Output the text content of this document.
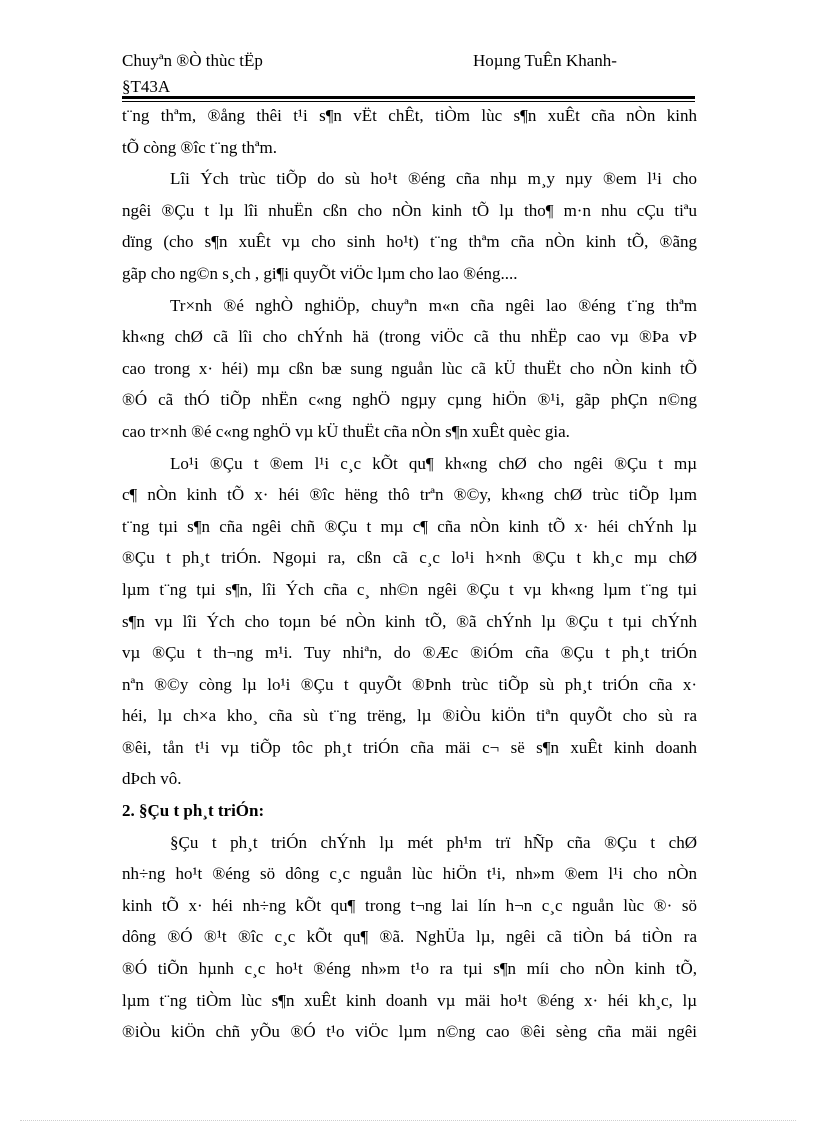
Chuyªn ®Ò thùc tËp
§T43A
Hoµng TuÊn Khanh-
t¨ng thªm, ®ång thêi t¹i s¶n vËt chÊt, tiÒm lùc s¶n xuÊt cña nÒn kinh
tÕ còng ®îc t¨ng thªm.
Lîi Ých trùc tiÕp do sù ho¹t ®éng cña nhµ m¸y nµy ®em l¹i cho
ngêi ®Çu t lµ lîi nhuËn cßn cho nÒn kinh tÕ lµ tho¶ m·n nhu cÇu tiªu
dïng (cho s¶n xuÊt vµ cho sinh ho¹t) t¨ng thªm cña nÒn kinh tÕ, ®ãng
gãp cho ng©n s¸ch , gi¶i quyÕt viÖc lµm cho lao ®éng....
Tr×nh ®é nghÒ nghiÖp, chuyªn m«n cña ngêi lao ®éng t¨ng thªm
kh«ng chØ cã lîi cho chÝnh hä (trong viÖc cã thu nhËp cao vµ ®Þa vÞ
cao trong x· héi) mµ cßn bæ sung nguån lùc cã kÜ thuËt cho nÒn kinh tÕ
®Ó cã thÓ tiÕp nhËn c«ng nghÖ ngµy cµng hiÖn ®¹i, gãp phÇn n©ng
cao tr×nh ®é c«ng nghÖ vµ kÜ thuËt cña nÒn s¶n xuÊt quèc gia.
Lo¹i ®Çu t ®em l¹i c¸c kÕt qu¶ kh«ng chØ cho ngêi ®Çu t mµ
c¶ nÒn kinh tÕ x· héi ®îc hëng thô trªn ®©y, kh«ng chØ trùc tiÕp lµm
t¨ng tµi s¶n cña ngêi chñ ®Çu t mµ c¶ cña nÒn kinh tÕ x· héi chÝnh lµ
®Çu t ph¸t triÓn. Ngoµi ra, cßn cã c¸c lo¹i h×nh ®Çu t kh¸c mµ chØ
lµm t¨ng tµi s¶n, lîi Ých cña c¸ nh©n ngêi ®Çu t vµ kh«ng lµm t¨ng tµi
s¶n vµ lîi Ých cho toµn bé nÒn kinh tÕ, ®ã chÝnh lµ ®Çu t tµi chÝnh
vµ ®Çu t th¬ng m¹i. Tuy nhiªn, do ®Æc ®iÓm cña ®Çu t ph¸t triÓn
nªn ®©y còng lµ lo¹i ®Çu t quyÕt ®Þnh trùc tiÕp sù ph¸t triÓn cña x·
héi, lµ ch×a kho¸ cña sù t¨ng trëng, lµ ®iÒu kiÖn tiªn quyÕt cho sù ra
®êi, tån t¹i vµ tiÕp tôc ph¸t triÓn cña mäi c¬ së s¶n xuÊt kinh doanh
dÞch vô.
2. §Çu t ph¸t triÓn:
§Çu t ph¸t triÓn chÝnh lµ mét ph¹m trï hÑp cña ®Çu t chØ
nh÷ng ho¹t ®éng sö dông c¸c nguån lùc hiÖn t¹i, nh»m ®em l¹i cho nÒn
kinh tÕ x· héi nh÷ng kÕt qu¶ trong t¬ng lai lín h¬n c¸c nguån lùc ®· sö
dông ®Ó ®¹t ®îc c¸c kÕt qu¶ ®ã. NghÜa lµ, ngêi cã tiÒn bá tiÒn ra
®Ó tiÕn hµnh c¸c ho¹t ®éng nh»m t¹o ra tµi s¶n míi cho nÒn kinh tÕ,
lµm t¨ng tiÒm lùc s¶n xuÊt kinh doanh vµ mäi ho¹t ®éng x· héi kh¸c, lµ
®iÒu kiÖn chñ yÕu ®Ó t¹o viÖc lµm n©ng cao ®êi sèng cña mäi ngêi
